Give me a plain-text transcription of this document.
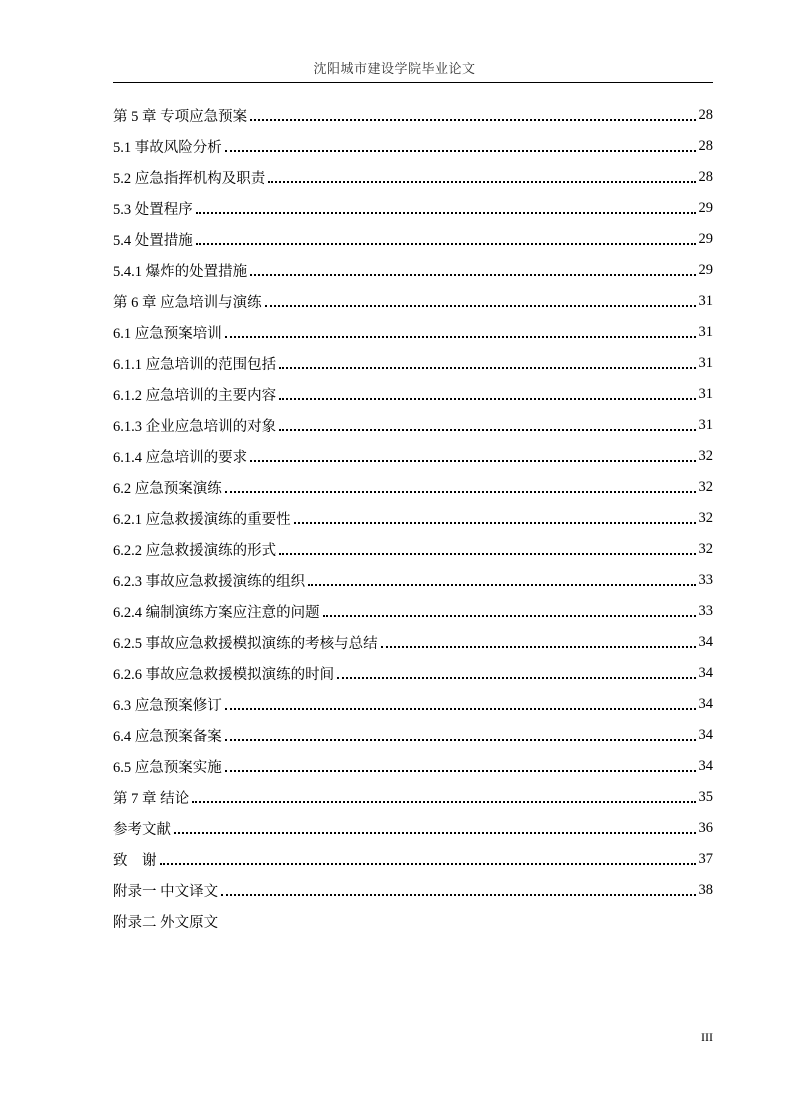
沈阳城市建设学院毕业论文
第 5 章 专项应急预案	28
5.1 事故风险分析	28
5.2 应急指挥机构及职责	28
5.3 处置程序	29
5.4 处置措施	29
5.4.1 爆炸的处置措施	29
第 6 章 应急培训与演练	31
6.1 应急预案培训	31
6.1.1 应急培训的范围包括	31
6.1.2 应急培训的主要内容	31
6.1.3 企业应急培训的对象	31
6.1.4 应急培训的要求	32
6.2 应急预案演练	32
6.2.1 应急救援演练的重要性	32
6.2.2 应急救援演练的形式	32
6.2.3 事故应急救援演练的组织	33
6.2.4 编制演练方案应注意的问题	33
6.2.5 事故应急救援模拟演练的考核与总结	34
6.2.6 事故应急救援模拟演练的时间	34
6.3 应急预案修订	34
6.4 应急预案备案	34
6.5 应急预案实施	34
第 7 章 结论	35
参考文献	36
致    谢	37
附录一 中文译文	38
附录二 外文原文
III
